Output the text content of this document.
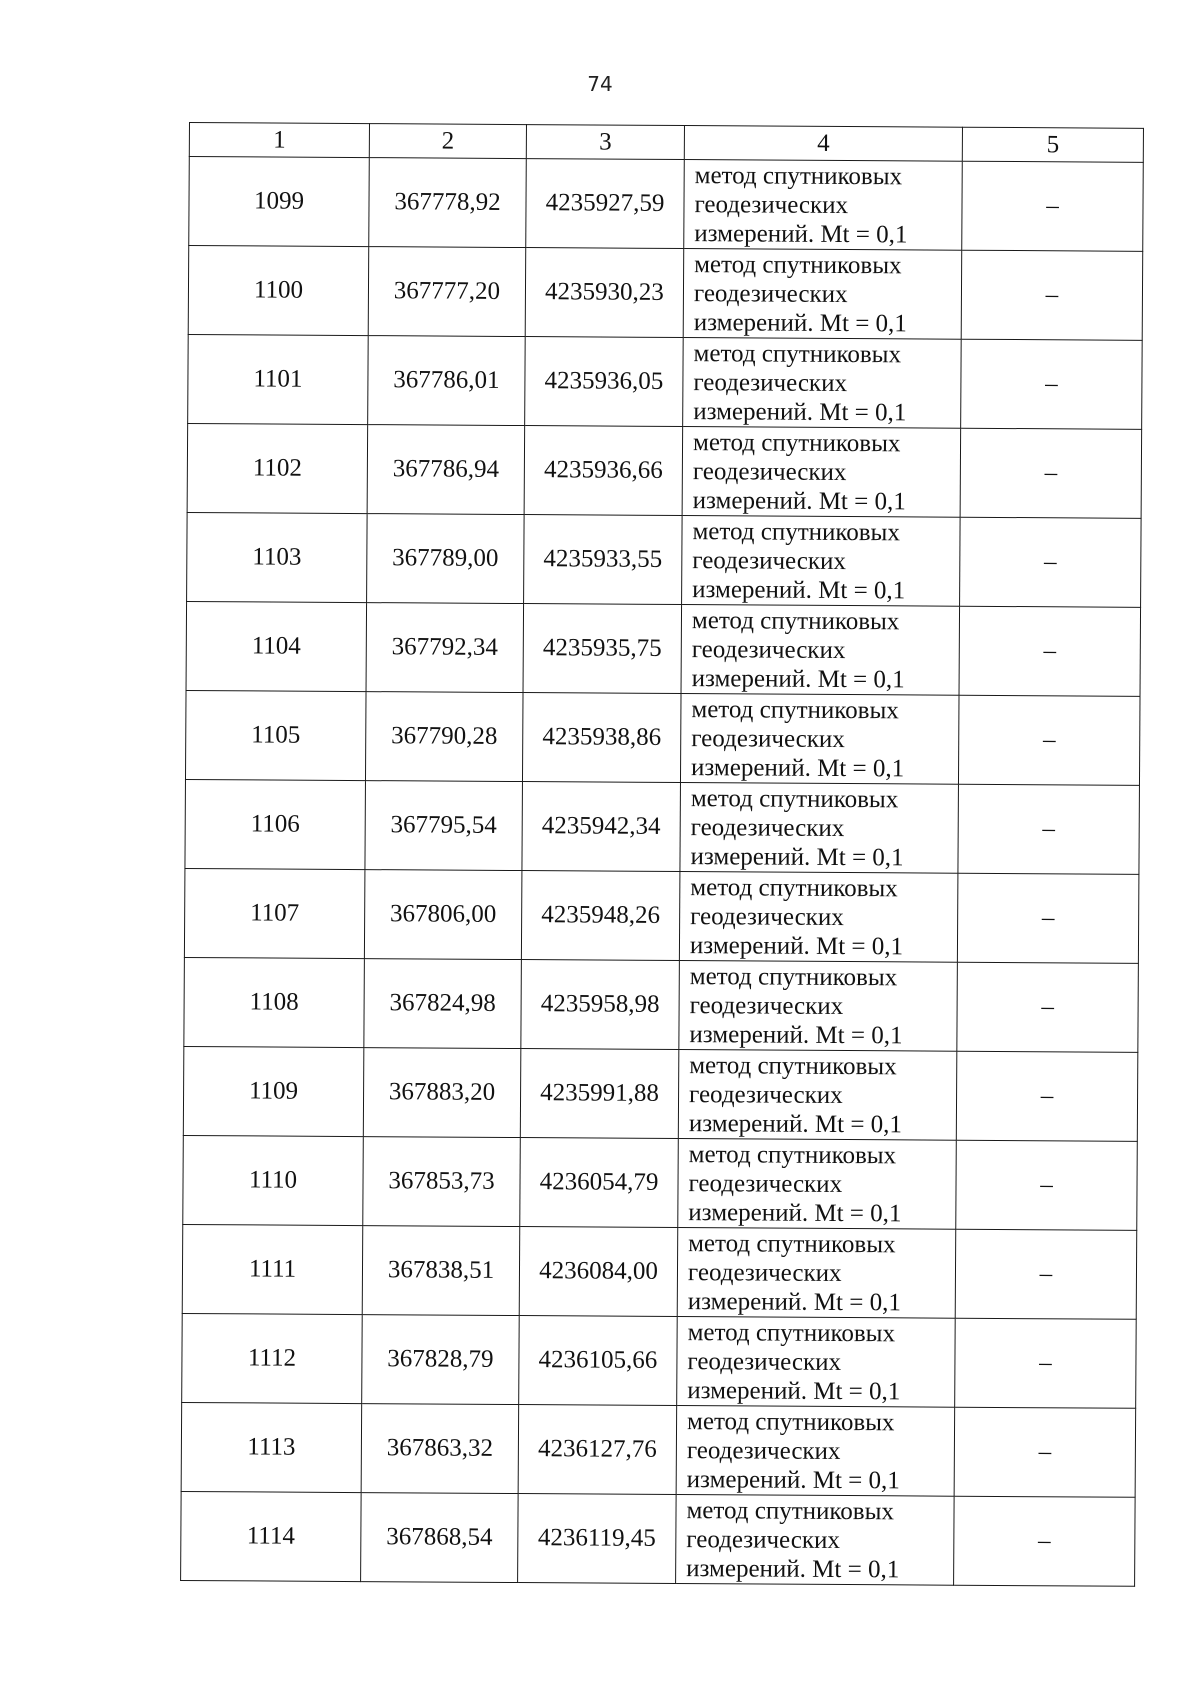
74
1	2	3	4	5
1099	367778,92	4235927,59	метод спутниковых
геодезических
измерений. Mt = 0,1	–
1100	367777,20	4235930,23	метод спутниковых
геодезических
измерений. Mt = 0,1	–
1101	367786,01	4235936,05	метод спутниковых
геодезических
измерений. Mt = 0,1	–
1102	367786,94	4235936,66	метод спутниковых
геодезических
измерений. Mt = 0,1	–
1103	367789,00	4235933,55	метод спутниковых
геодезических
измерений. Mt = 0,1	–
1104	367792,34	4235935,75	метод спутниковых
геодезических
измерений. Mt = 0,1	–
1105	367790,28	4235938,86	метод спутниковых
геодезических
измерений. Mt = 0,1	–
1106	367795,54	4235942,34	метод спутниковых
геодезических
измерений. Mt = 0,1	–
1107	367806,00	4235948,26	метод спутниковых
геодезических
измерений. Mt = 0,1	–
1108	367824,98	4235958,98	метод спутниковых
геодезических
измерений. Mt = 0,1	–
1109	367883,20	4235991,88	метод спутниковых
геодезических
измерений. Mt = 0,1	–
1110	367853,73	4236054,79	метод спутниковых
геодезических
измерений. Mt = 0,1	–
1111	367838,51	4236084,00	метод спутниковых
геодезических
измерений. Mt = 0,1	–
1112	367828,79	4236105,66	метод спутниковых
геодезических
измерений. Mt = 0,1	–
1113	367863,32	4236127,76	метод спутниковых
геодезических
измерений. Mt = 0,1	–
1114	367868,54	4236119,45	метод спутниковых
геодезических
измерений. Mt = 0,1	–
